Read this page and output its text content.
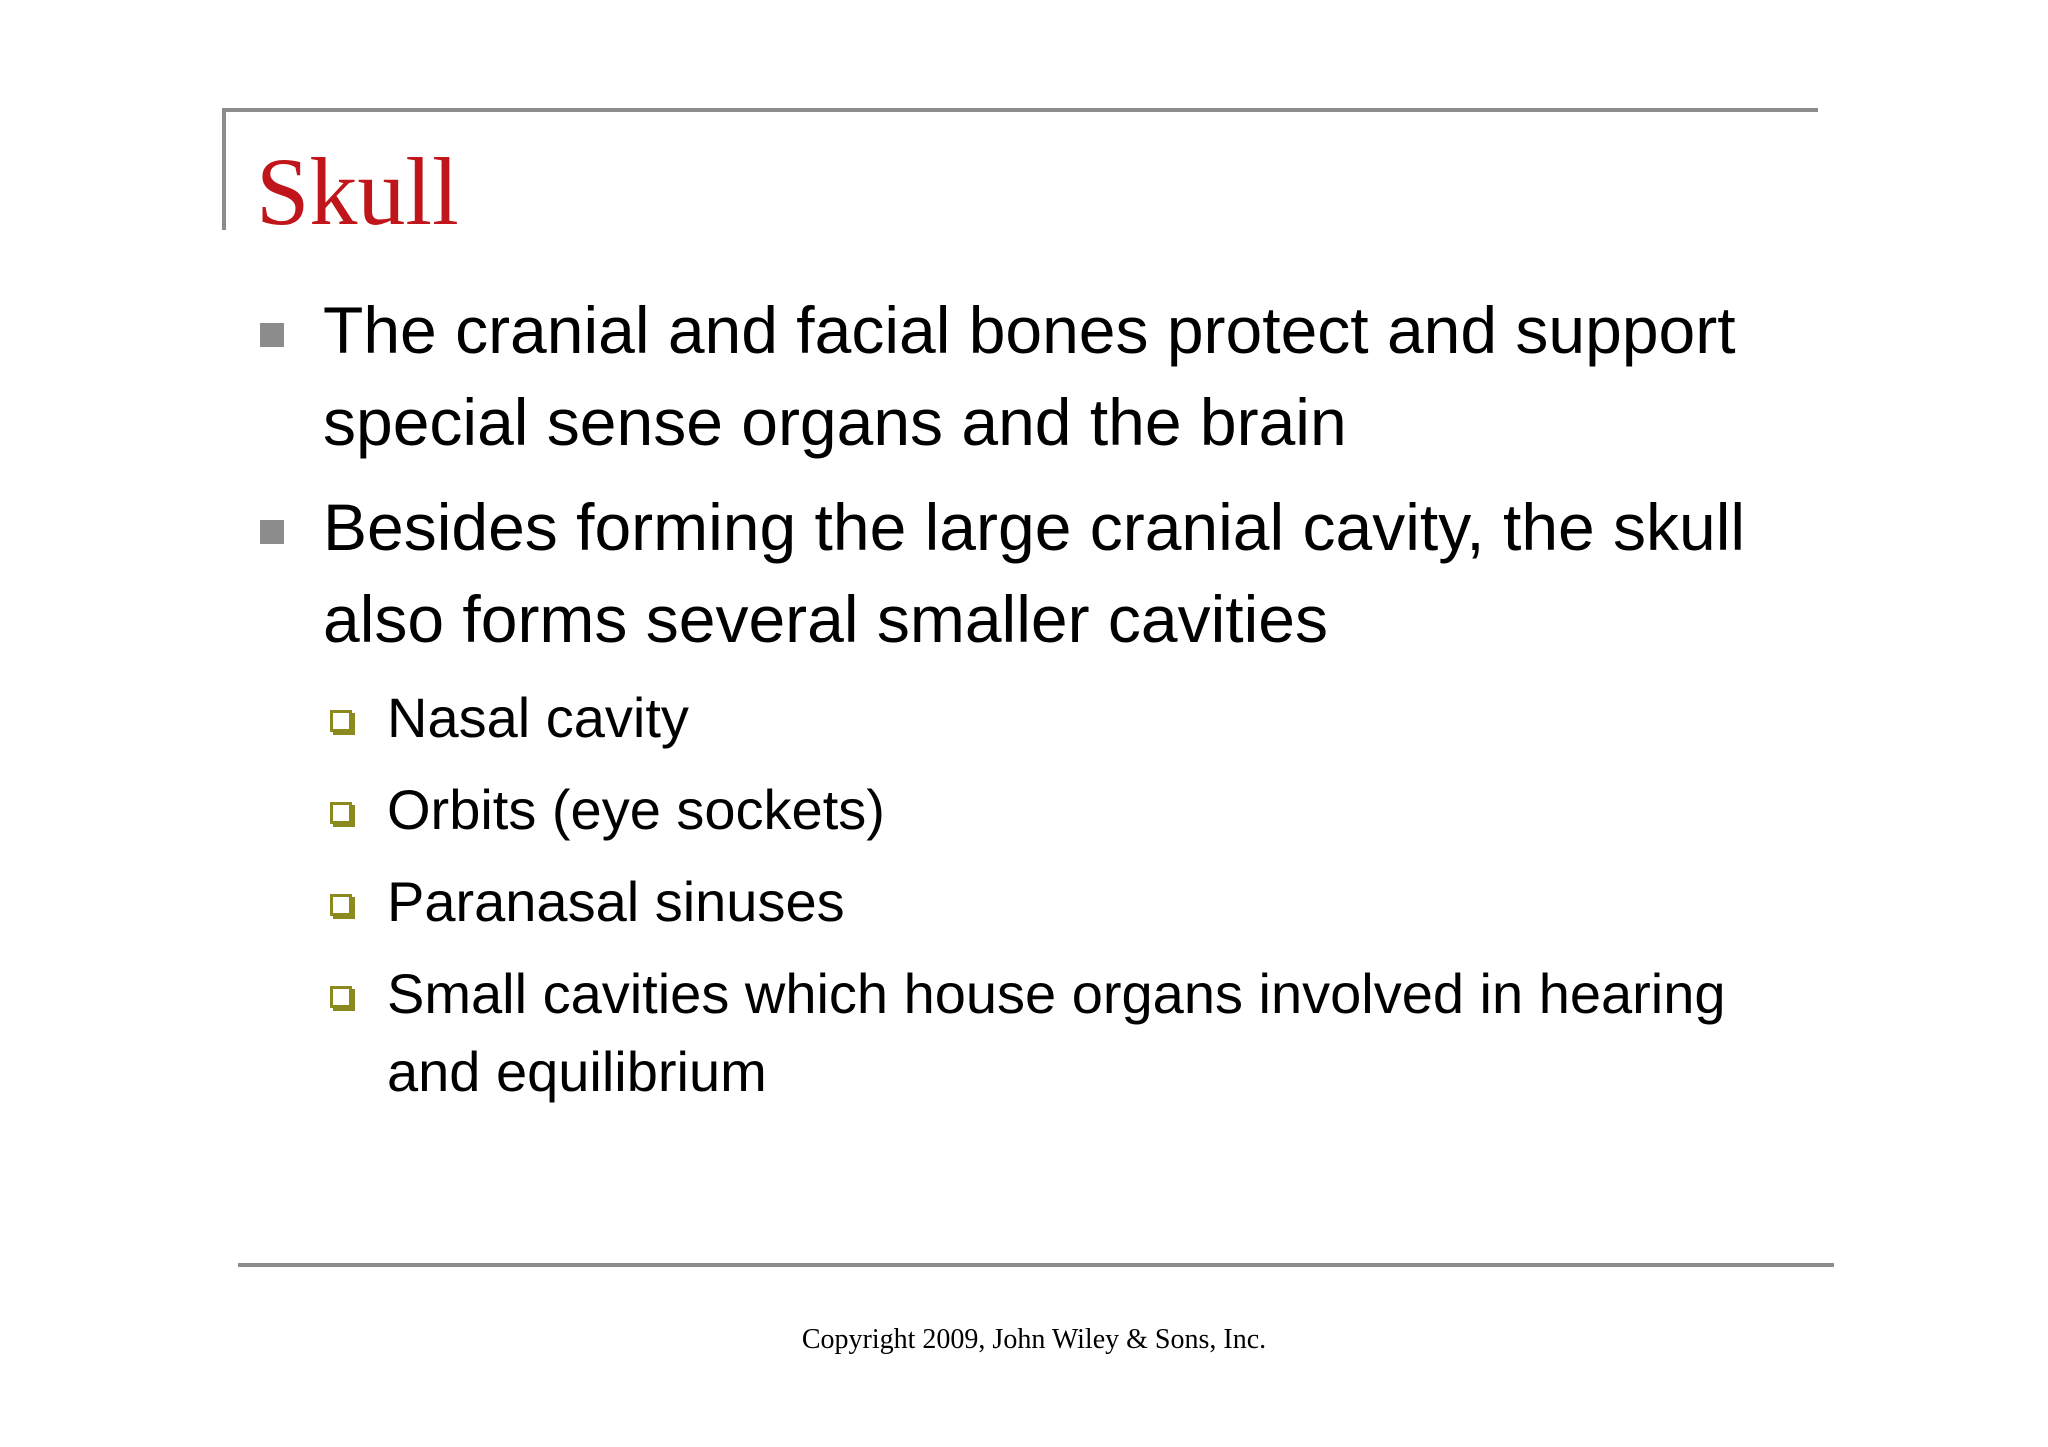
Skull
The cranial and facial bones protect and support
special sense organs and the brain
Besides forming the large cranial cavity, the skull
also forms several smaller cavities
Nasal cavity
Orbits (eye sockets)
Paranasal sinuses
Small cavities which house organs involved in hearing
and equilibrium
Copyright 2009, John Wiley & Sons, Inc.
